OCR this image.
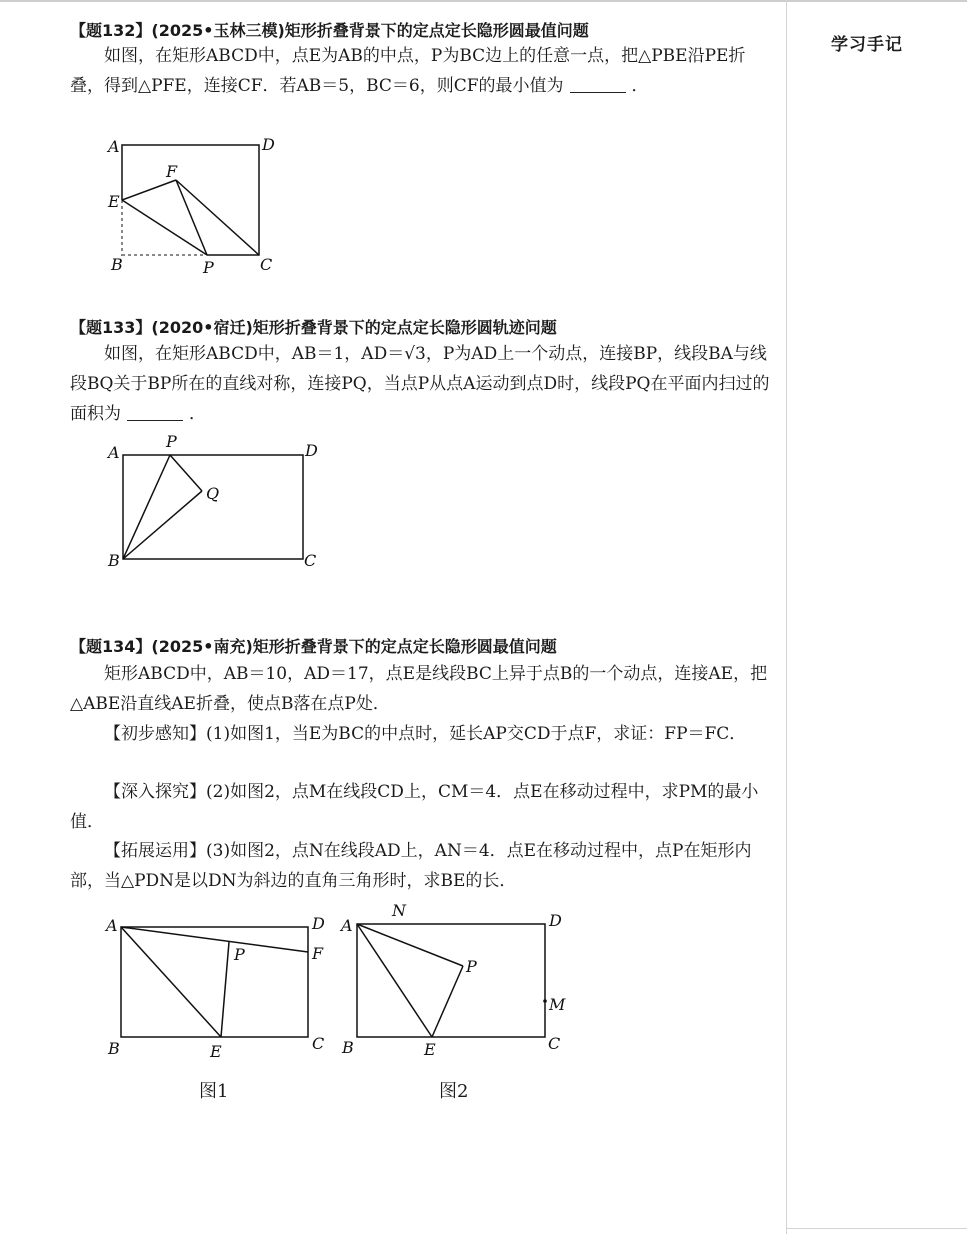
【题132】(2025•玉林三模)矩形折叠背景下的定点定长隐形圆最值问题

如图，在矩形ABCD中，点E为AB的中点，P为BC边上的任意一点，把△PBE沿PE折叠，得到△PFE，连接CF．若AB＝5，BC＝6，则CF的最小值为	．

A	D
F
E
B	P	C
【题133】(2020•宿迁)矩形折叠背景下的定点定长隐形圆轨迹问题

如图，在矩形ABCD中，AB＝1，AD＝√3，P为AD上一个动点，连接BP，线段BA与线段BQ关于BP所在的直线对称，连接PQ，当点P从点A运动到点D时，线段PQ在平面内扫过的面积为	．

A
P	D
Q
B	C
【题134】(2025•南充)矩形折叠背景下的定点定长隐形圆最值问题

矩形ABCD中，AB＝10，AD＝17，点E是线段BC上异于点B的一个动点，连接AE，把△ABE沿直线AE折叠，使点B落在点P处．

【初步感知】(1)如图1，当E为BC的中点时，延长AP交CD于点F，求证：FP＝FC．

【深入探究】(2)如图2，点M在线段CD上，CM＝4．点E在移动过程中，求PM的最小值．

【拓展运用】(3)如图2，点N在线段AD上，AN＝4．点E在移动过程中，点P在矩形内部，当△PDN是以DN为斜边的直角三角形时，求BE的长．

A	D
P	F
B	E	C
图1
N
A	D
P
M
B	E	C
图2
学习手记
